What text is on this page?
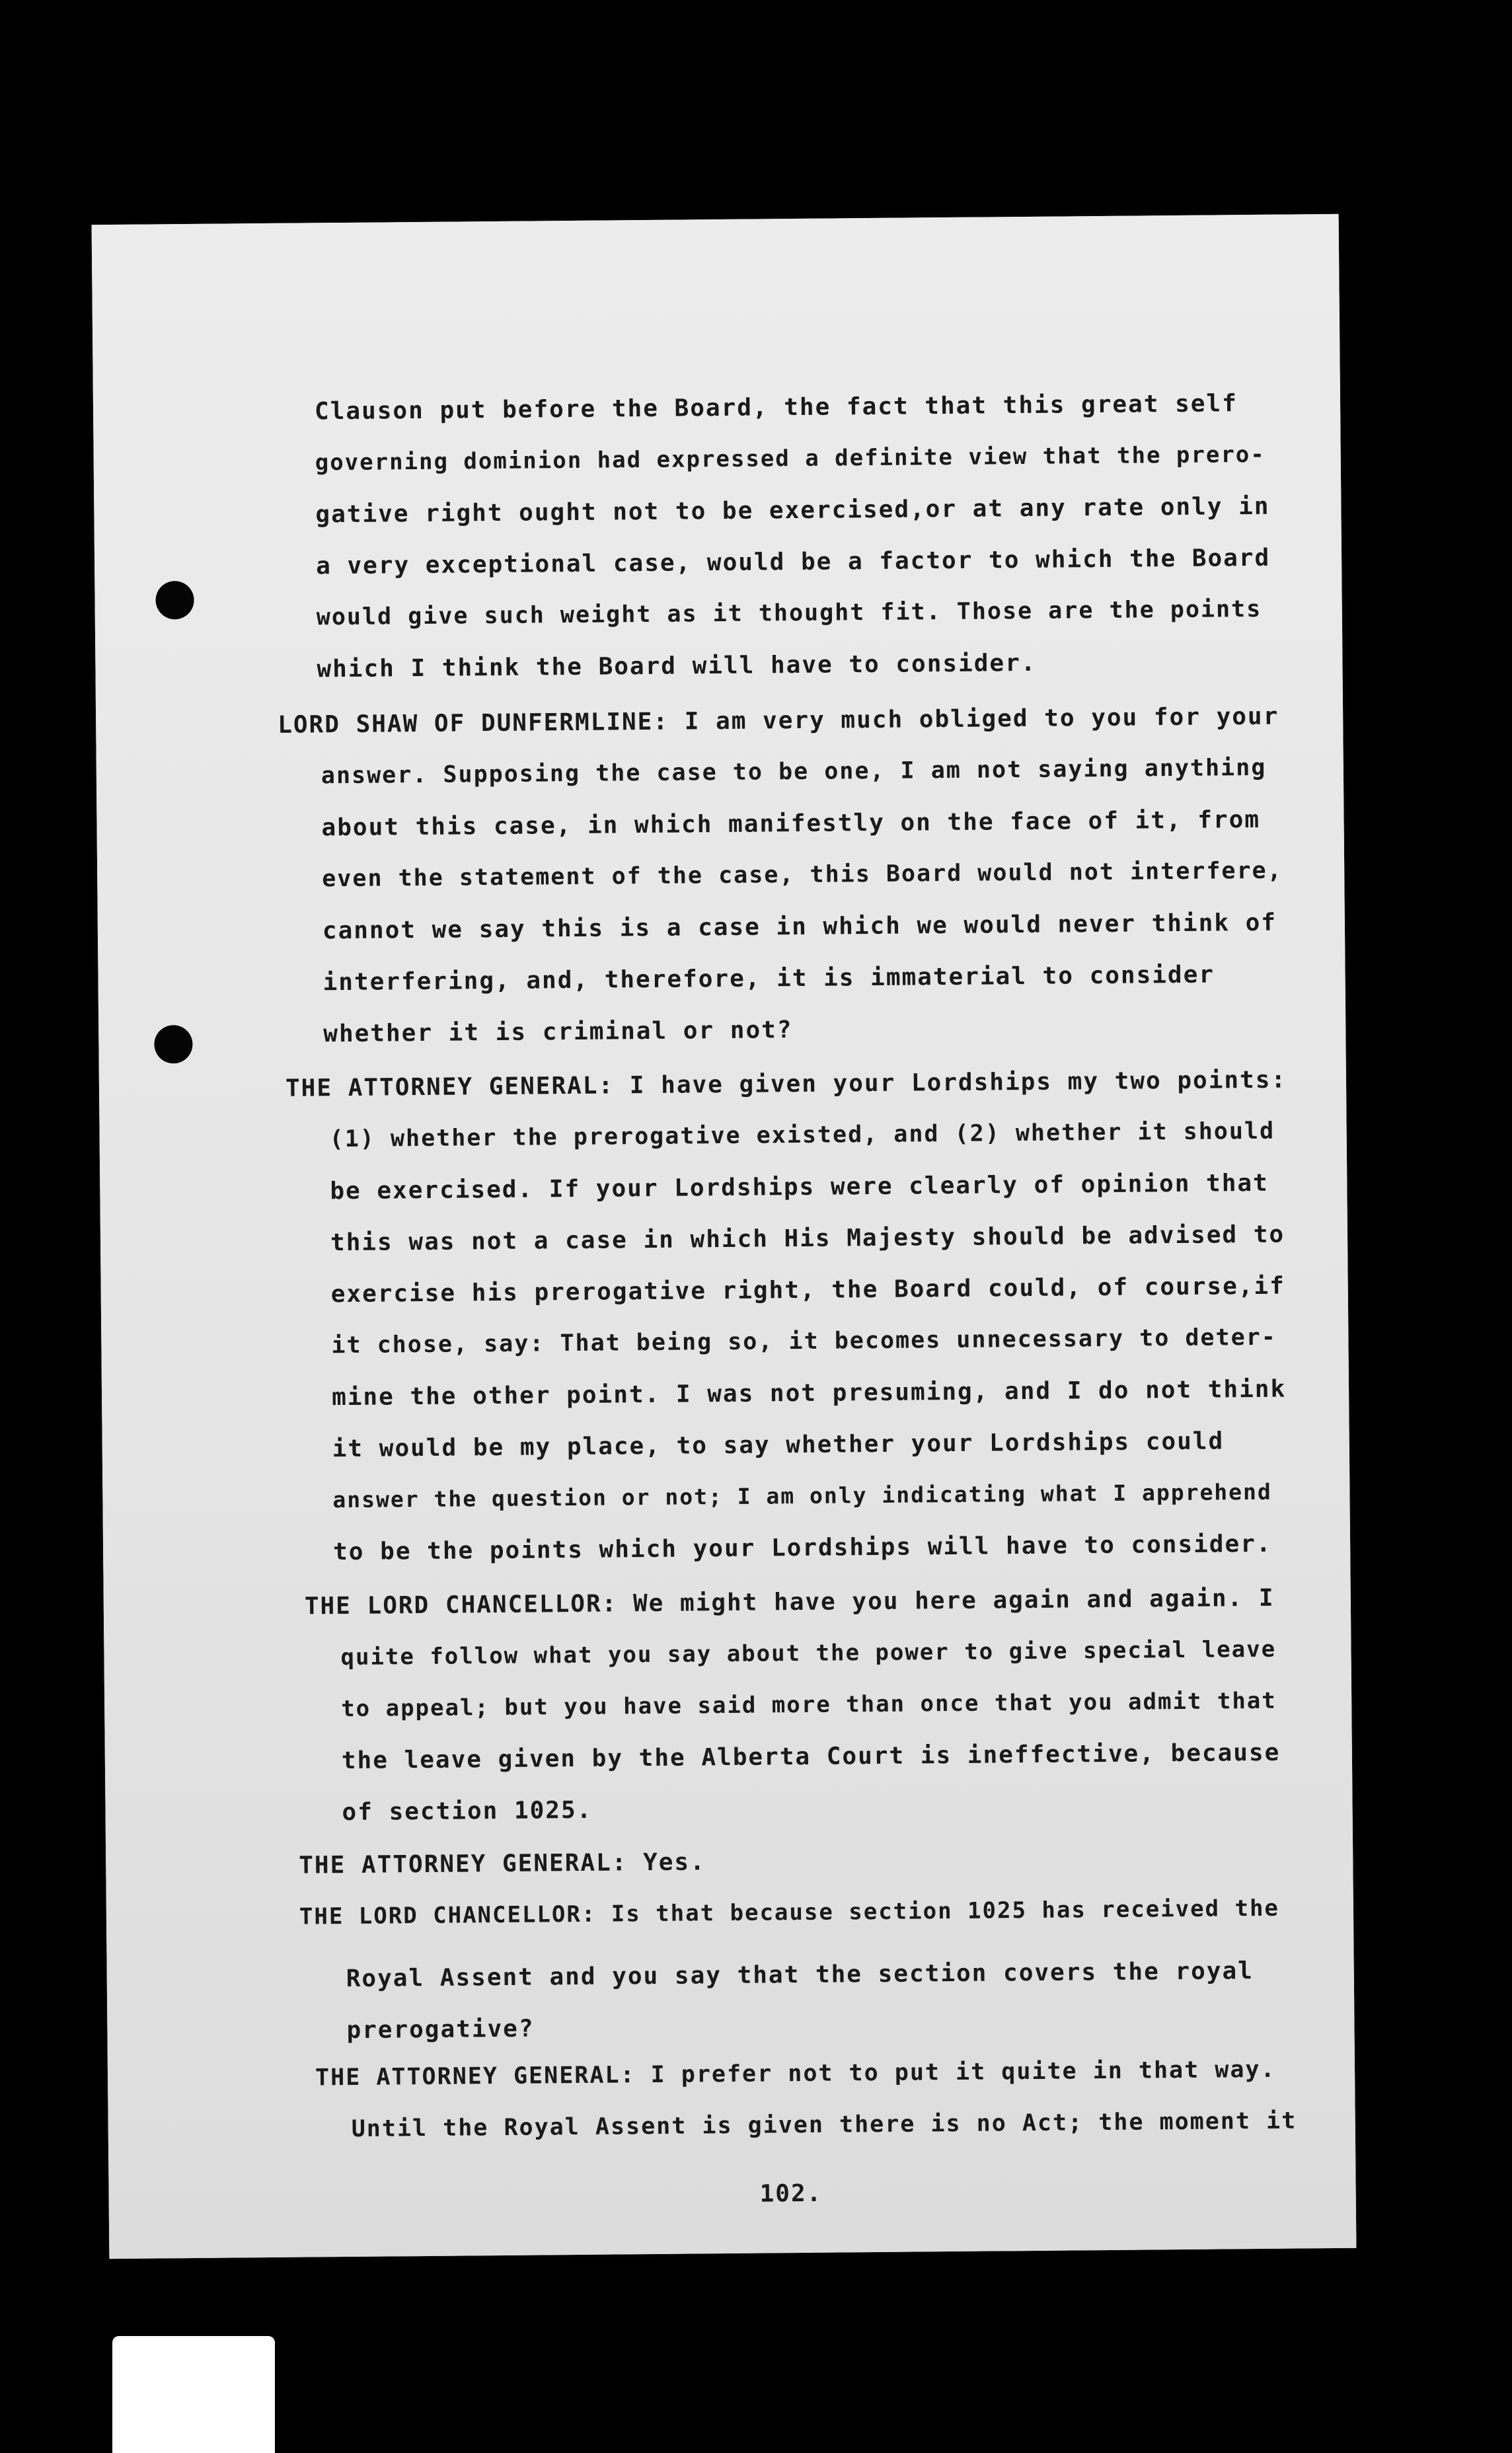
Clauson put before the Board, the fact that this great self
governing dominion had expressed a definite view that the prero-
gative right ought not to be exercised,or at any rate only in
a very exceptional case, would be a factor to which the Board
would give such weight as it thought fit. Those are the points
which I think the Board will have to consider.
LORD SHAW OF DUNFERMLINE: I am very much obliged to you for your
answer. Supposing the case to be one, I am not saying anything
about this case, in which manifestly on the face of it, from
even the statement of the case, this Board would not interfere,
cannot we say this is a case in which we would never think of
interfering, and, therefore, it is immaterial to consider
whether it is criminal or not?
THE ATTORNEY GENERAL: I have given your Lordships my two points:
(1) whether the prerogative existed, and (2) whether it should
be exercised. If your Lordships were clearly of opinion that
this was not a case in which His Majesty should be advised to
exercise his prerogative right, the Board could, of course,if
it chose, say: That being so, it becomes unnecessary to deter-
mine the other point. I was not presuming, and I do not think
it would be my place, to say whether your Lordships could
answer the question or not; I am only indicating what I apprehend
to be the points which your Lordships will have to consider.
THE LORD CHANCELLOR: We might have you here again and again. I
quite follow what you say about the power to give special leave
to appeal; but you have said more than once that you admit that
the leave given by the Alberta Court is ineffective, because
of section 1025.
THE ATTORNEY GENERAL: Yes.
THE LORD CHANCELLOR: Is that because section 1025 has received the
Royal Assent and you say that the section covers the royal
prerogative?
THE ATTORNEY GENERAL: I prefer not to put it quite in that way.
Until the Royal Assent is given there is no Act; the moment it
102.
